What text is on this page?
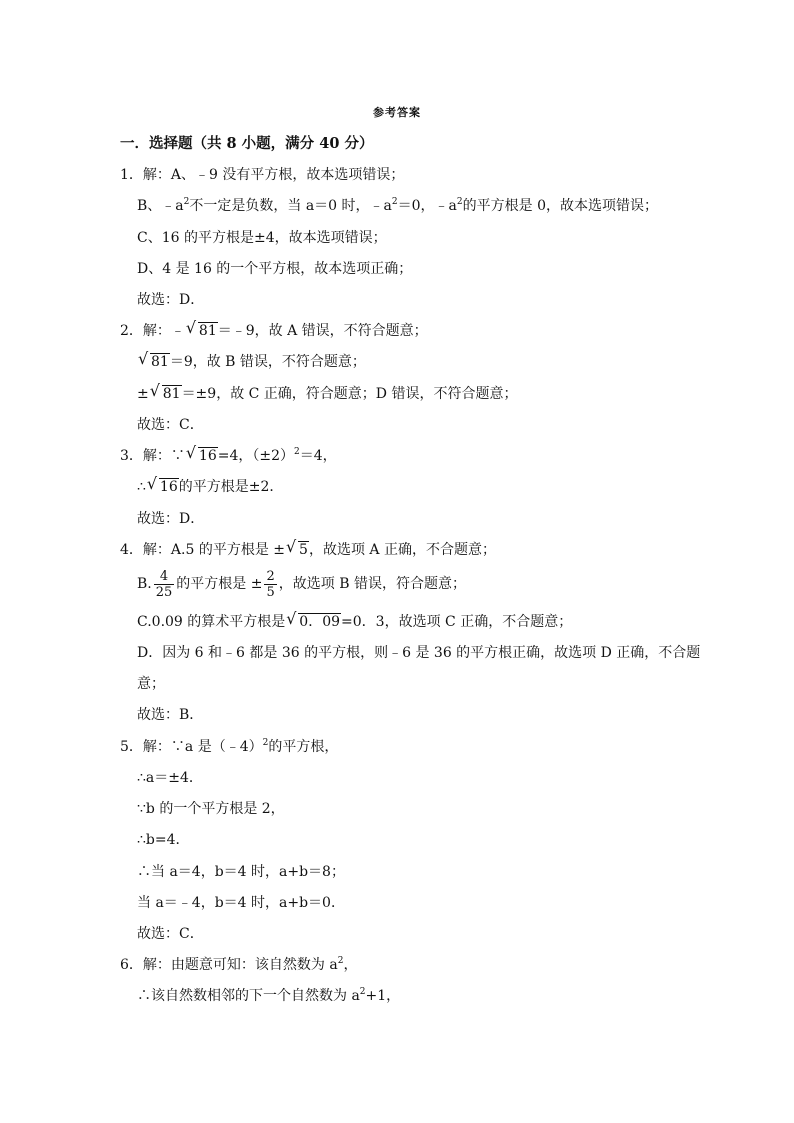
参考答案
一．选择题（共 8 小题，满分 40 分）
1．解：A、﹣9 没有平方根，故本选项错误；
B、$﹣a^2$不一定是负数，当 a＝0 时，$﹣a^2=0$，$﹣a^2$的平方根是 0，故本选项错误；
C、16 的平方根是±4，故本选项错误；
D、4 是 16 的一个平方根，故本选项正确；
故选：D．
2．解：﹣ √ 81＝﹣9，故 A 错误，不符合题意；
√ 81＝9，故 B 错误，不符合题意；
± √ 81＝±9，故 C 正确，符合题意；D 错误，不符合题意；
故选：C．
3．解：∵ √ 16=4，$(\pm 2)^2=4$，
∴ √ 16的平方根是±2．
故选：D．
4．解：A.5 的平方根是 ± √ 5，故选项 A 正确，不合题意；
B. $\frac{4}{25}$ 的平方根是 ± $\frac{2}{5}$ ，故选项 B 错误，符合题意；
C.0.09 的算术平方根是 √ 0．09=0．3，故选项 C 正确，不合题意；
D．因为 6 和﹣6 都是 36 的平方根，则﹣6 是 36 的平方根正确，故选项 D 正确，不合题
意；
故选：B．
5．解：∵a 是（﹣4）$^2$的平方根，
∴a＝±4．
∵b 的一个平方根是 2，
∴b=4．
∴当 a＝4，b＝4 时，a+b＝8；
当 a＝﹣4，b＝4 时，a+b＝0．
故选：C．
6．解：由题意可知：该自然数为 $a^2$，
∴该自然数相邻的下一个自然数为 $a^2+1$，
